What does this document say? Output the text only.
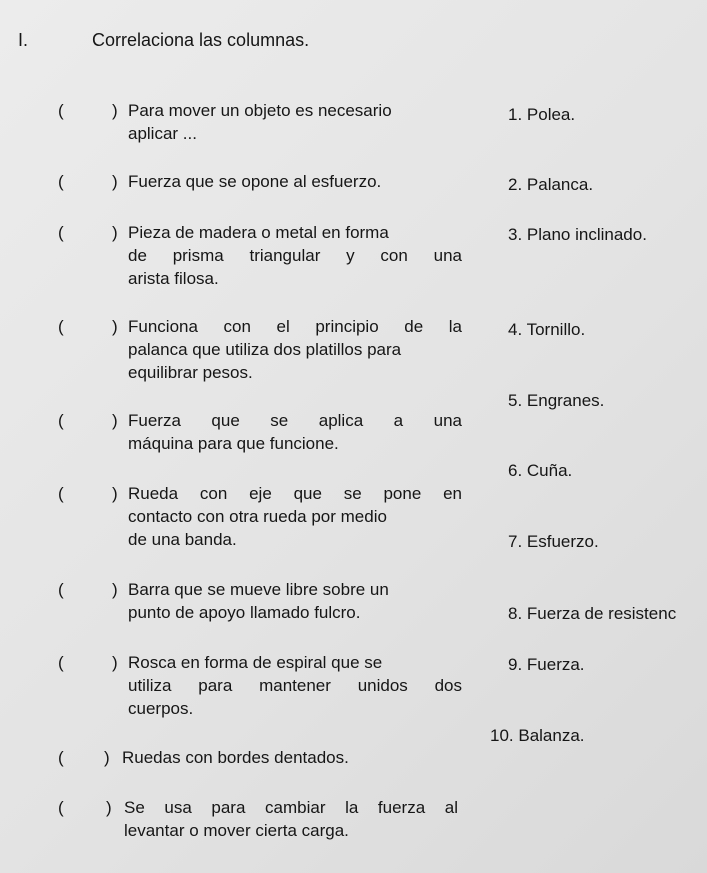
I.	Correlaciona las columnas.
(	) Para mover un objeto es necesario
aplicar ...
(	) Fuerza que se opone al esfuerzo.
(	) Pieza de madera o metal en forma
de prisma triangular y con una
arista filosa.
(	) Funciona con el principio de la
palanca que utiliza dos platillos para
equilibrar pesos.
(	) Fuerza que se aplica a una
máquina para que funcione.
(	) Rueda con eje que se pone en
contacto con otra rueda por medio
de una banda.
(	) Barra que se mueve libre sobre un
punto de apoyo llamado fulcro.
(	) Rosca en forma de espiral que se
utiliza para mantener unidos dos
cuerpos.
( ) Ruedas con bordes dentados.
( ) Se usa para cambiar la fuerza al
levantar o mover cierta carga.
1. Polea.
2. Palanca.
3. Plano inclinado.
4. Tornillo.
5. Engranes.
6. Cuña.
7. Esfuerzo.
8. Fuerza de resistenc
9. Fuerza.
10. Balanza.
